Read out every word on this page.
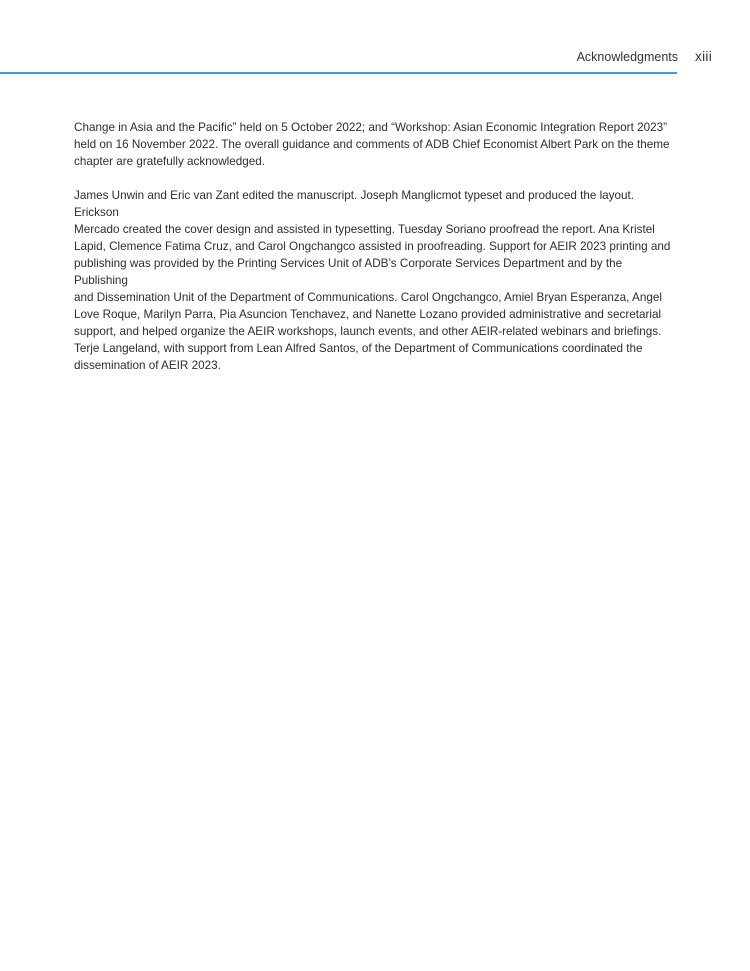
Acknowledgments xiii

Change in Asia and the Pacific” held on 5 October 2022; and “Workshop: Asian Economic Integration Report 2023”
held on 16 November 2022. The overall guidance and comments of ADB Chief Economist Albert Park on the theme
chapter are gratefully acknowledged.

James Unwin and Eric van Zant edited the manuscript. Joseph Manglicmot typeset and produced the layout. Erickson
Mercado created the cover design and assisted in typesetting. Tuesday Soriano proofread the report. Ana Kristel
Lapid, Clemence Fatima Cruz, and Carol Ongchangco assisted in proofreading. Support for AEIR 2023 printing and
publishing was provided by the Printing Services Unit of ADB’s Corporate Services Department and by the Publishing
and Dissemination Unit of the Department of Communications. Carol Ongchangco, Amiel Bryan Esperanza, Angel
Love Roque, Marilyn Parra, Pia Asuncion Tenchavez, and Nanette Lozano provided administrative and secretarial
support, and helped organize the AEIR workshops, launch events, and other AEIR-related webinars and briefings.
Terje Langeland, with support from Lean Alfred Santos, of the Department of Communications coordinated the
dissemination of AEIR 2023.
